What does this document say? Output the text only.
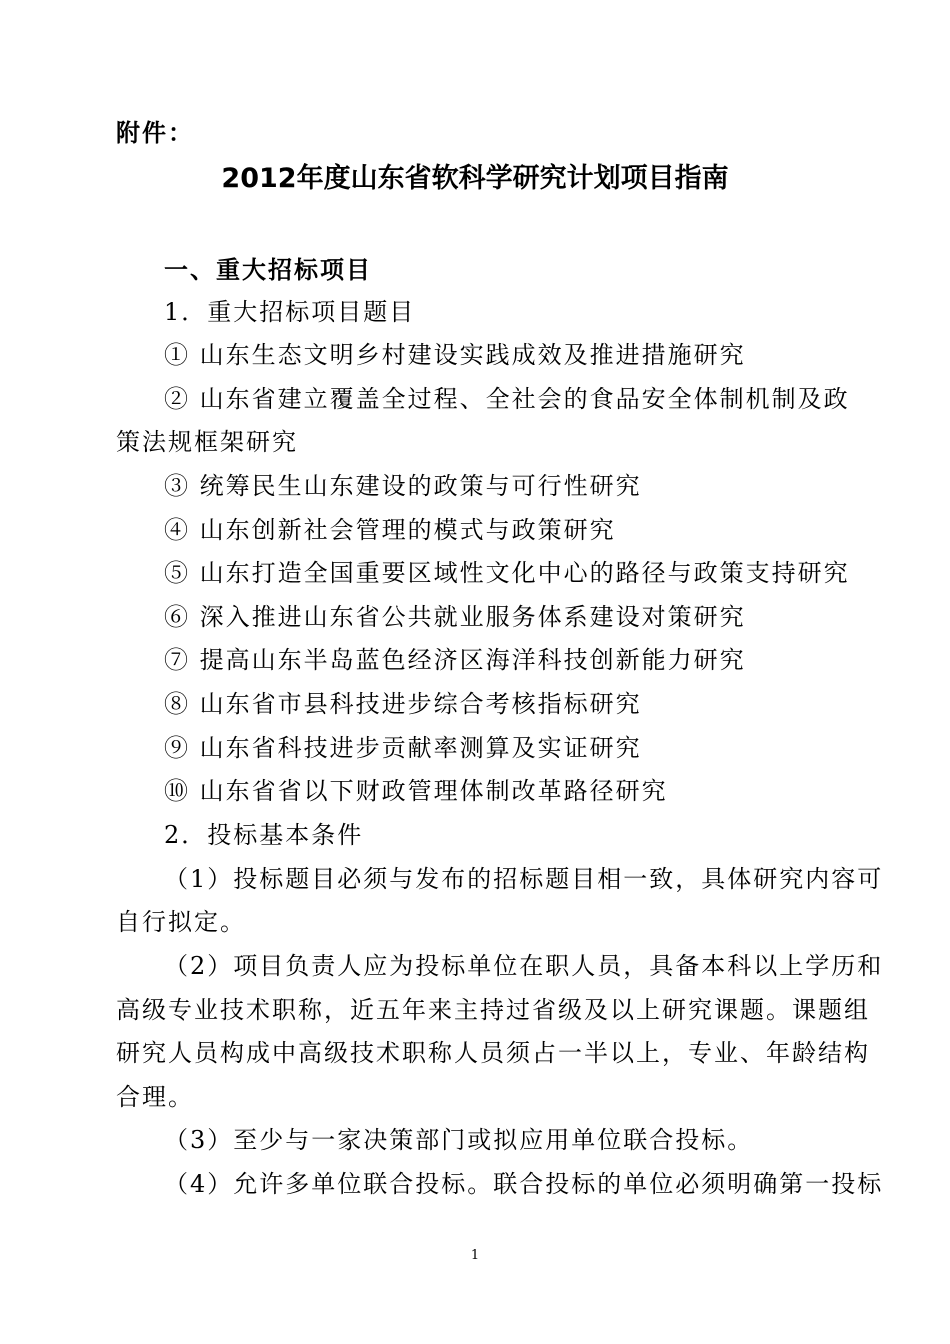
附件：
2012年度山东省软科学研究计划项目指南
一、重大招标项目
1．重大招标项目题目
① 山东生态文明乡村建设实践成效及推进措施研究
② 山东省建立覆盖全过程、全社会的食品安全体制机制及政
策法规框架研究
③ 统筹民生山东建设的政策与可行性研究
④ 山东创新社会管理的模式与政策研究
⑤ 山东打造全国重要区域性文化中心的路径与政策支持研究
⑥ 深入推进山东省公共就业服务体系建设对策研究
⑦ 提高山东半岛蓝色经济区海洋科技创新能力研究
⑧ 山东省市县科技进步综合考核指标研究
⑨ 山东省科技进步贡献率测算及实证研究
⑩ 山东省省以下财政管理体制改革路径研究
2．投标基本条件
（1）投标题目必须与发布的招标题目相一致，具体研究内容可
自行拟定。
（2）项目负责人应为投标单位在职人员，具备本科以上学历和
高级专业技术职称，近五年来主持过省级及以上研究课题。课题组
研究人员构成中高级技术职称人员须占一半以上，专业、年龄结构
合理。
（3）至少与一家决策部门或拟应用单位联合投标。
（4）允许多单位联合投标。联合投标的单位必须明确第一投标
1
